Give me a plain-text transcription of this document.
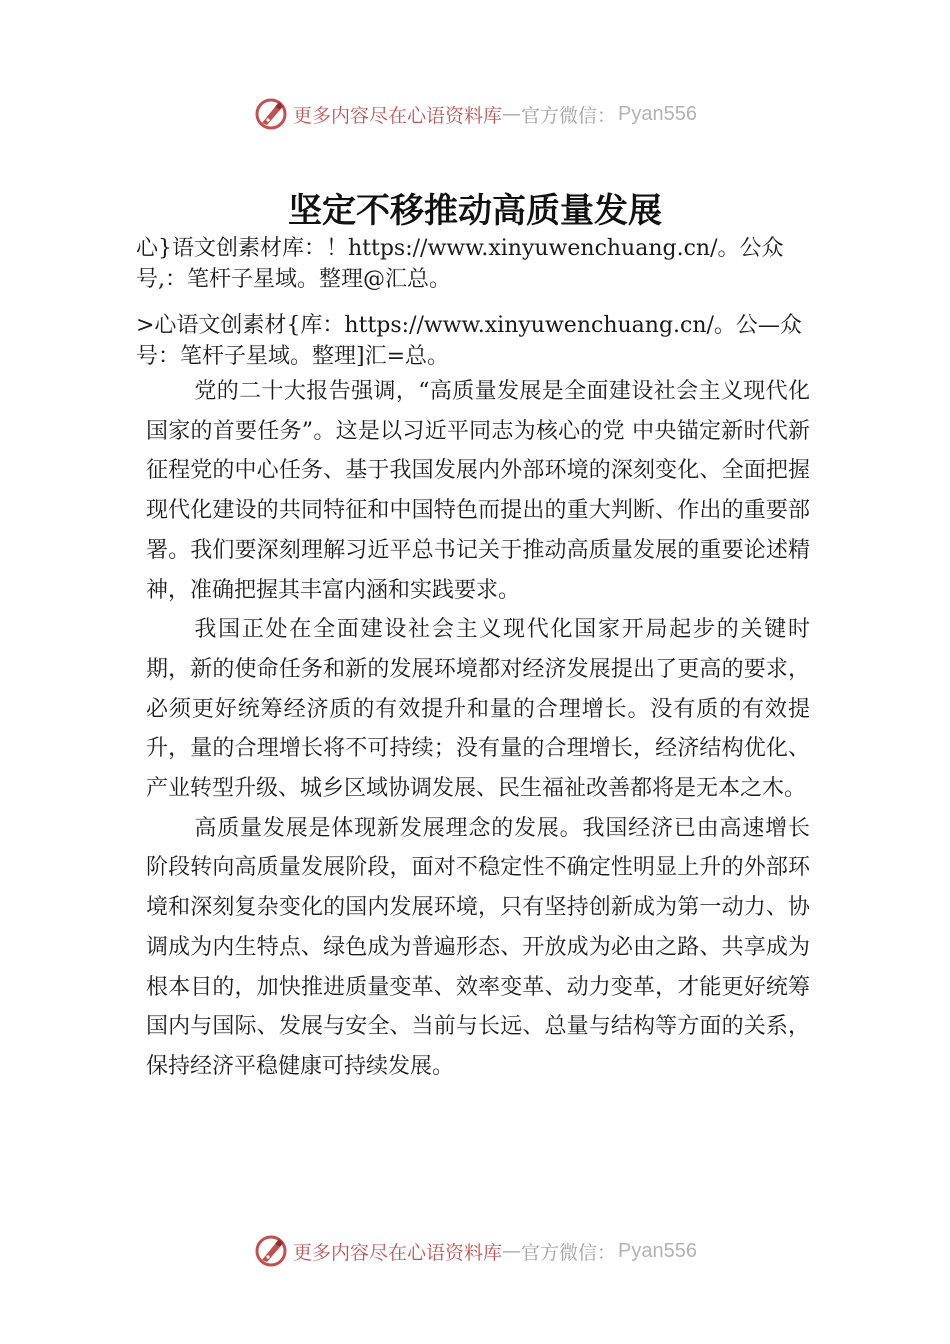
更多内容尽在心语资料库 — 官方微信： Pyan556
坚定不移推动高质量发展
心}语文创素材库：！https://www.xinyuwenchuang.cn/。公众号,：笔杆子星域。整理@汇总。
>心语文创素材{库：https://www.xinyuwenchuang.cn/。公—众号：笔杆子星域。整理]汇=总。

党的二十大报告强调，“高质量发展是全面建设社会主义现代化国家的首要任务”。这是以习近平同志为核心的党 中央锚定新时代新征程党的中心任务、基于我国发展内外部环境的深刻变化、全面把握现代化建设的共同特征和中国特色而提出的重大判断、作出的重要部署。我们要深刻理解习近平总书记关于推动高质量发展的重要论述精神，准确把握其丰富内涵和实践要求。

我国正处在全面建设社会主义现代化国家开局起步的关键时期，新的使命任务和新的发展环境都对经济发展提出了更高的要求，必须更好统筹经济质的有效提升和量的合理增长。没有质的有效提升，量的合理增长将不可持续；没有量的合理增长，经济结构优化、产业转型升级、城乡区域协调发展、民生福祉改善都将是无本之木。

高质量发展是体现新发展理念的发展。我国经济已由高速增长阶段转向高质量发展阶段，面对不稳定性不确定性明显上升的外部环境和深刻复杂变化的国内发展环境，只有坚持创新成为第一动力、协调成为内生特点、绿色成为普遍形态、开放成为必由之路、共享成为根本目的，加快推进质量变革、效率变革、动力变革，才能更好统筹国内与国际、发展与安全、当前与长远、总量与结构等方面的关系，保持经济平稳健康可持续发展。

更多内容尽在心语资料库 — 官方微信： Pyan556
